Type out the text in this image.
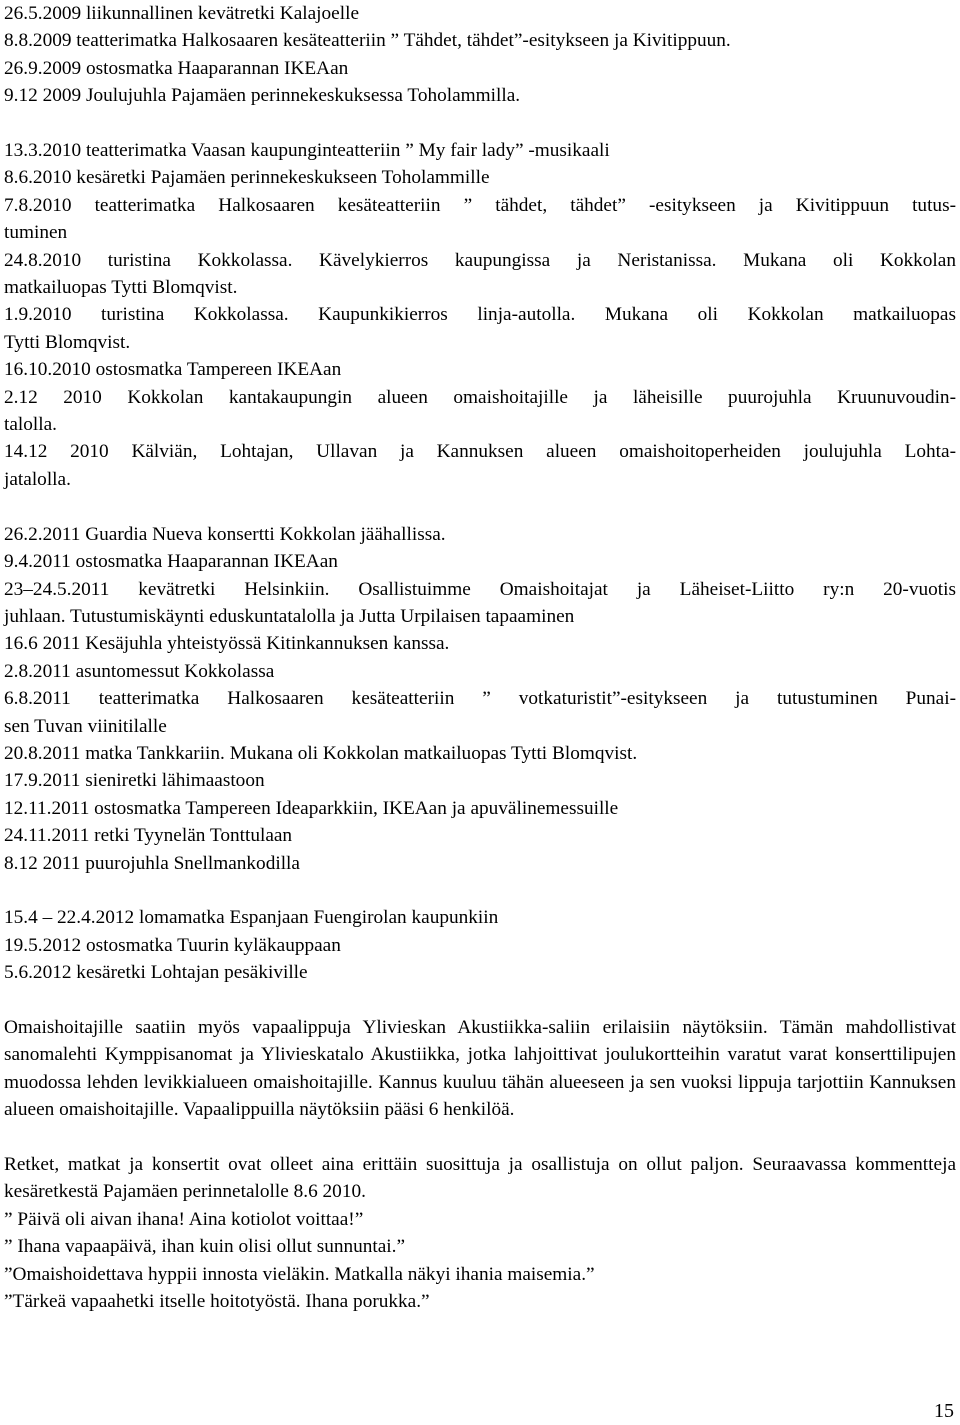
26.5.2009 liikunnallinen kevätretki Kalajoelle
8.8.2009 teatterimatka Halkosaaren kesäteatteriin ” Tähdet, tähdet”-esitykseen ja Kivitippuun.
26.9.2009 ostosmatka Haaparannan IKEAan
9.12 2009 Joulujuhla Pajamäen perinnekeskuksessa Toholammilla.
13.3.2010 teatterimatka Vaasan kaupunginteatteriin ” My fair lady” -musikaali
8.6.2010 kesäretki Pajamäen perinnekeskukseen Toholammille
7.8.2010 teatterimatka Halkosaaren kesäteatteriin ” tähdet, tähdet” -esitykseen ja Kivitippuun tutus-
tuminen
24.8.2010 turistina Kokkolassa. Kävelykierros kaupungissa ja Neristanissa. Mukana oli Kokkolan
matkailuopas Tytti Blomqvist.
1.9.2010 turistina Kokkolassa. Kaupunkikierros linja-autolla. Mukana oli Kokkolan matkailuopas
Tytti Blomqvist.
16.10.2010 ostosmatka Tampereen IKEAan
2.12 2010 Kokkolan kantakaupungin alueen omaishoitajille ja läheisille puurojuhla Kruunuvoudin-
talolla.
14.12 2010 Kälviän, Lohtajan, Ullavan ja Kannuksen alueen omaishoitoperheiden joulujuhla Lohta-
jatalolla.
26.2.2011 Guardia Nueva konsertti Kokkolan jäähallissa.
9.4.2011 ostosmatka Haaparannan IKEAan
23–24.5.2011 kevätretki Helsinkiin. Osallistuimme Omaishoitajat ja Läheiset-Liitto ry:n 20-vuotis
juhlaan. Tutustumiskäynti eduskuntatalolla ja Jutta Urpilaisen tapaaminen
16.6 2011 Kesäjuhla yhteistyössä Kitinkannuksen kanssa.
2.8.2011 asuntomessut Kokkolassa
6.8.2011 teatterimatka Halkosaaren kesäteatteriin ” votkaturistit”-esitykseen ja tutustuminen Punai-
sen Tuvan viinitilalle
20.8.2011 matka Tankkariin. Mukana oli Kokkolan matkailuopas Tytti Blomqvist.
17.9.2011 sieniretki lähimaastoon
12.11.2011 ostosmatka Tampereen Ideaparkkiin, IKEAan ja apuvälinemessuille
24.11.2011 retki Tyynelän Tonttulaan
8.12 2011 puurojuhla Snellmankodilla
15.4 – 22.4.2012 lomamatka Espanjaan Fuengirolan kaupunkiin
19.5.2012 ostosmatka Tuurin kyläkauppaan
5.6.2012 kesäretki Lohtajan pesäkiville

Omaishoitajille saatiin myös vapaalippuja Ylivieskan Akustiikka-saliin erilaisiin näytöksiin. Tämän mahdollistivat sanomalehti Kymppisanomat ja Ylivieskatalo Akustiikka, jotka lahjoittivat joulukortteihin varatut varat konserttilipujen muodossa lehden levikkialueen omaishoitajille. Kannus kuuluu tähän alueeseen ja sen vuoksi lippuja tarjottiin Kannuksen alueen omaishoitajille. Vapaalippuilla näytöksiin pääsi 6 henkilöä.

Retket, matkat ja konsertit ovat olleet aina erittäin suosittuja ja osallistuja on ollut paljon. Seuraavassa kommentteja kesäretkestä Pajamäen perinnetalolle 8.6 2010.

” Päivä oli aivan ihana! Aina kotiolot voittaa!”
” Ihana vapaapäivä, ihan kuin olisi ollut sunnuntai.”
”Omaishoidettava hyppii innosta vieläkin. Matkalla näkyi ihania maisemia.”
”Tärkeä vapaahetki itselle hoitotyöstä. Ihana porukka.”
15
